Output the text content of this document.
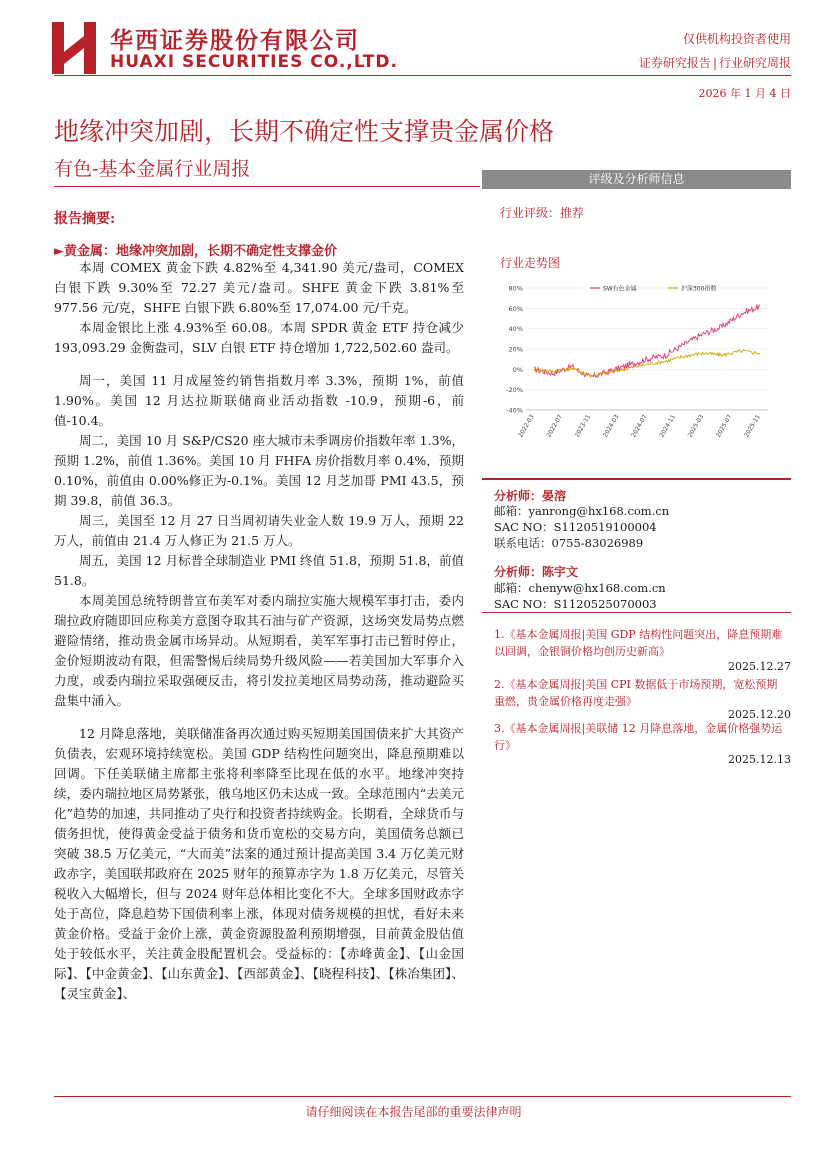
华西证券股份有限公司
HUAXI SECURITIES CO.,LTD.
仅供机构投资者使用
证券研究报告 | 行业研究周报
2026 年 1 月 4 日
地缘冲突加剧，长期不确定性支撑贵金属价格
有色-基本金属行业周报
报告摘要:
►黄金属：地缘冲突加剧，长期不确定性支撑金价

本周 COMEX 黄金下跌 4.82%至 4,341.90 美元/盎司，COMEX 白银下跌 9.30%至 72.27 美元/盎司。SHFE 黄金下跌 3.81%至 977.56 元/克，SHFE 白银下跌 6.80%至 17,074.00 元/千克。

本周金银比上涨 4.93%至 60.08。本周 SPDR 黄金 ETF 持仓减少 193,093.29 金衡盎司，SLV 白银 ETF 持仓增加 1,722,502.60 盎司。

周一，美国 11 月成屋签约销售指数月率 3.3%，预期 1%，前值 1.90%。美国 12 月达拉斯联储商业活动指数 -10.9，预期-6，前值-10.4。

周二，美国 10 月 S&P/CS20 座大城市未季调房价指数年率 1.3%，预期 1.2%，前值 1.36%。美国 10 月 FHFA 房价指数月率 0.4%，预期 0.10%，前值由 0.00%修正为-0.1%。美国 12 月芝加哥 PMI 43.5，预期 39.8，前值 36.3。

周三，美国至 12 月 27 日当周初请失业金人数 19.9 万人，预期 22 万人，前值由 21.4 万人修正为 21.5 万人。

周五，美国 12 月标普全球制造业 PMI 终值 51.8，预期 51.8，前值 51.8。

本周美国总统特朗普宣布美军对委内瑞拉实施大规模军事打击，委内瑞拉政府随即回应称美方意图夺取其石油与矿产资源，这场突发局势点燃避险情绪，推动贵金属市场异动。从短期看，美军军事打击已暂时停止，金价短期波动有限，但需警惕后续局势升级风险——若美国加大军事介入力度，或委内瑞拉采取强硬反击，将引发拉美地区局势动荡，推动避险买盘集中涌入。

12 月降息落地，美联储准备再次通过购买短期美国国债来扩大其资产负债表，宏观环境持续宽松。美国 GDP 结构性问题突出，降息预期难以回调。下任美联储主席都主张将利率降至比现在低的水平。地缘冲突持续，委内瑞拉地区局势紧张，俄乌地区仍未达成一致。全球范围内“去美元化”趋势的加速，共同推动了央行和投资者持续购金。长期看，全球货币与债务担忧，使得黄金受益于债务和货币宽松的交易方向，美国债务总额已突破 38.5 万亿美元，“大而美”法案的通过预计提高美国 3.4 万亿美元财政赤字，美国联邦政府在 2025 财年的预算赤字为 1.8 万亿美元，尽管关税收入大幅增长，但与 2024 财年总体相比变化不大。全球多国财政赤字处于高位，降息趋势下国债利率上涨，体现对债务规模的担忧，看好未来黄金价格。受益于金价上涨，黄金资源股盈利预期增强，目前黄金股估值处于较低水平，关注黄金股配置机会。受益标的：【赤峰黄金】、【山金国际】、【中金黄金】、【山东黄金】、【西部黄金】、【晓程科技】、【株冶集团】、【灵宝黄金】、

评级及分析师信息
行业评级：推荐
行业走势图
-40%
-20%
0%
20%
40%
60%
80%
2022-03 2022-07 2023-11 2024-03 2024-07 2024-11 2025-03 2025-07 2025-11
SW有色金属	沪深300指数
分析师：晏溶
邮箱：yanrong@hx168.com.cn
SAC NO：S1120519100004
联系电话：0755-83026989
分析师：陈宇文
邮箱：chenyw@hx168.com.cn
SAC NO：S1120525070003
1.《基本金属周报|美国 GDP 结构性问题突出，降息预期难以回调，金银铜价格均创历史新高》
2025.12.27
2.《基本金属周报|美国 CPI 数据低于市场预期，宽松预期重燃，贵金属价格再度走强》
2025.12.20
3.《基本金属周报|美联储 12 月降息落地，金属价格强势运行》
2025.12.13
请仔细阅读在本报告尾部的重要法律声明
